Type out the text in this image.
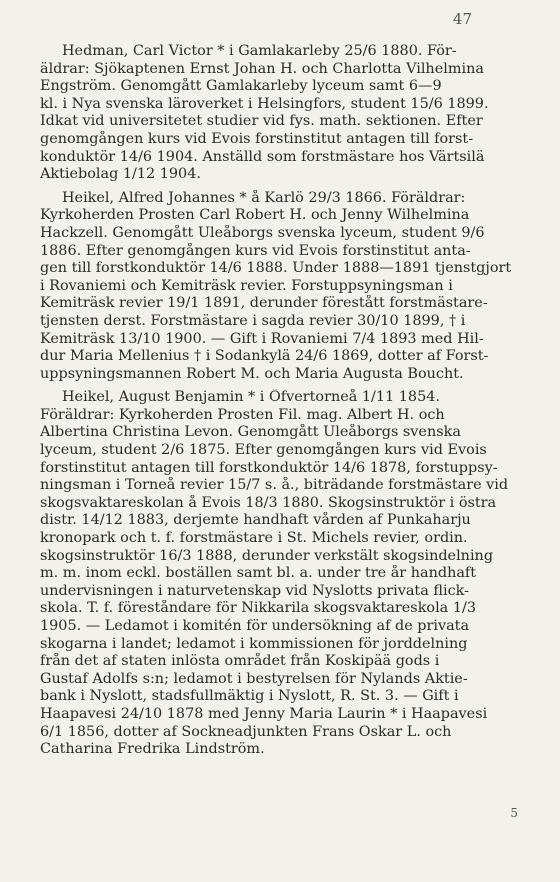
47
Hedman, Carl Victor * i Gamlakarleby 25/6 1880. För-
äldrar: Sjökaptenen Ernst Johan H. och Charlotta Vilhelmina
Engström. Genomgått Gamlakarleby lyceum samt 6—9
kl. i Nya svenska läroverket i Helsingfors, student 15/6 1899.
Idkat vid universitetet studier vid fys. math. sektionen. Efter
genomgången kurs vid Evois forstinstitut antagen till forst-
konduktör 14/6 1904. Anställd som forstmästare hos Värtsilä
Aktiebolag 1/12 1904.
Heikel, Alfred Johannes * å Karlö 29/3 1866. Föräldrar:
Kyrkoherden Prosten Carl Robert H. och Jenny Wilhelmina
Hackzell. Genomgått Uleåborgs svenska lyceum, student 9/6
1886. Efter genomgången kurs vid Evois forstinstitut anta-
gen till forstkonduktör 14/6 1888. Under 1888—1891 tjenstgjort
i Rovaniemi och Kemiträsk revier. Forstuppsyningsman i
Kemiträsk revier 19/1 1891, derunder förestått forstmästare-
tjensten derst. Forstmästare i sagda revier 30/10 1899, † i
Kemiträsk 13/10 1900. — Gift i Rovaniemi 7/4 1893 med Hil-
dur Maria Mellenius † i Sodankylä 24/6 1869, dotter af Forst-
uppsyningsmannen Robert M. och Maria Augusta Boucht.
Heikel, August Benjamin * i Öfvertorneå 1/11 1854.
Föräldrar: Kyrkoherden Prosten Fil. mag. Albert H. och
Albertina Christina Levon. Genomgått Uleåborgs svenska
lyceum, student 2/6 1875. Efter genomgången kurs vid Evois
forstinstitut antagen till forstkonduktör 14/6 1878, forstuppsy-
ningsman i Torneå revier 15/7 s. å., biträdande forstmästare vid
skogsvaktareskolan å Evois 18/3 1880. Skogsinstruktör i östra
distr. 14/12 1883, derjemte handhaft vården af Punkaharju
kronopark och t. f. forstmästare i St. Michels revier, ordin.
skogsinstruktör 16/3 1888, derunder verkstält skogsindelning
m. m. inom eckl. boställen samt bl. a. under tre år handhaft
undervisningen i naturvetenskap vid Nyslotts privata flick-
skola. T. f. föreståndare för Nikkarila skogsvaktareskola 1/3
1905. — Ledamot i komitén för undersökning af de privata
skogarna i landet; ledamot i kommissionen för jorddelning
från det af staten inlösta området från Koskipää gods i
Gustaf Adolfs s:n; ledamot i bestyrelsen för Nylands Aktie-
bank i Nyslott, stadsfullmäktig i Nyslott, R. St. 3. — Gift i
Haapavesi 24/10 1878 med Jenny Maria Laurin * i Haapavesi
6/1 1856, dotter af Sockneadjunkten Frans Oskar L. och
Catharina Fredrika Lindström.
5
